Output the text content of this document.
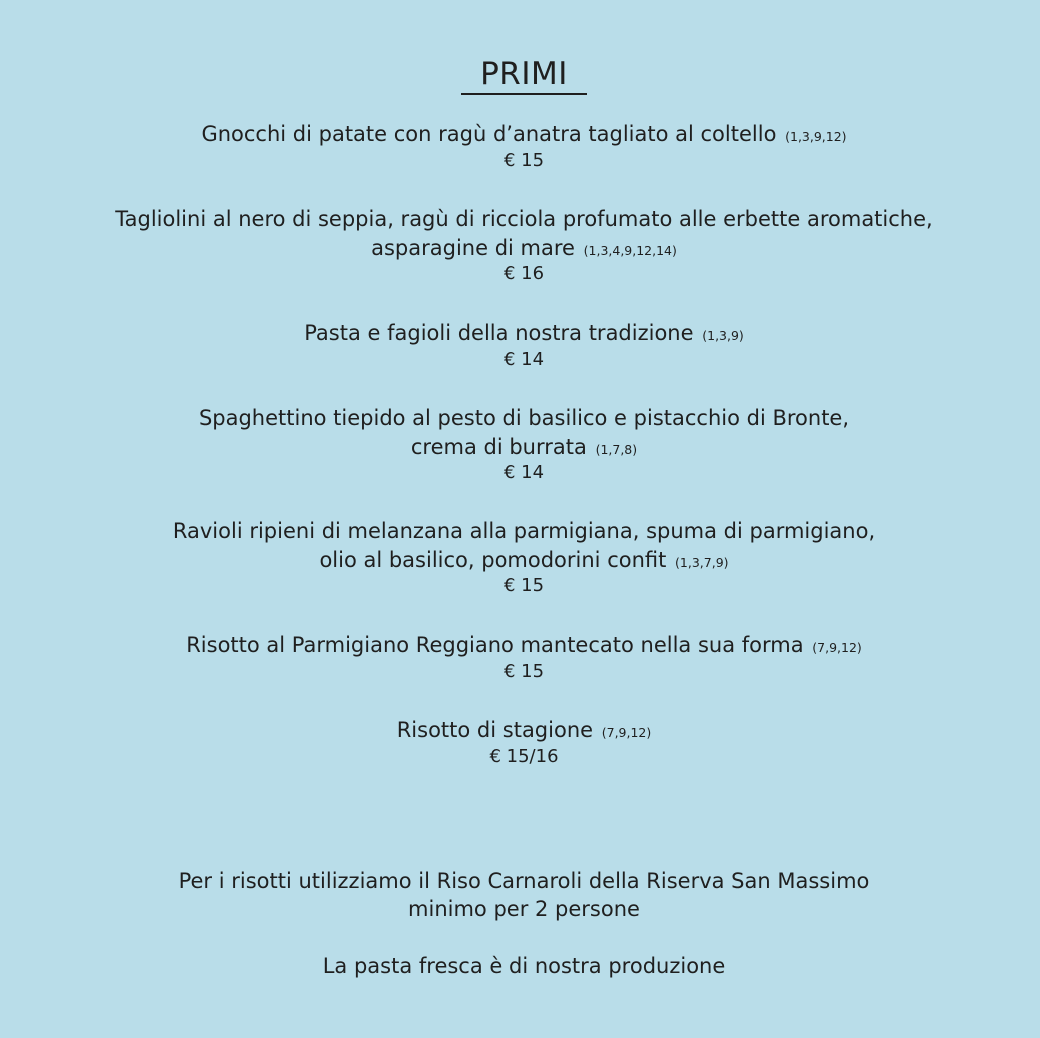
PRIMI
Gnocchi di patate con ragù d’anatra tagliato al coltello (1,3,9,12)
€ 15
Tagliolini al nero di seppia, ragù di ricciola profumato alle erbette aromatiche,
asparagine di mare (1,3,4,9,12,14)
€ 16
Pasta e fagioli della nostra tradizione (1,3,9)
€ 14
Spaghettino tiepido al pesto di basilico e pistacchio di Bronte,
crema di burrata (1,7,8)
€ 14
Ravioli ripieni di melanzana alla parmigiana, spuma di parmigiano,
olio al basilico, pomodorini confit (1,3,7,9)
€ 15
Risotto al Parmigiano Reggiano mantecato nella sua forma (7,9,12)
€ 15
Risotto di stagione (7,9,12)
€ 15/16
Per i risotti utilizziamo il Riso Carnaroli della Riserva San Massimo
minimo per 2 persone
La pasta fresca è di nostra produzione
